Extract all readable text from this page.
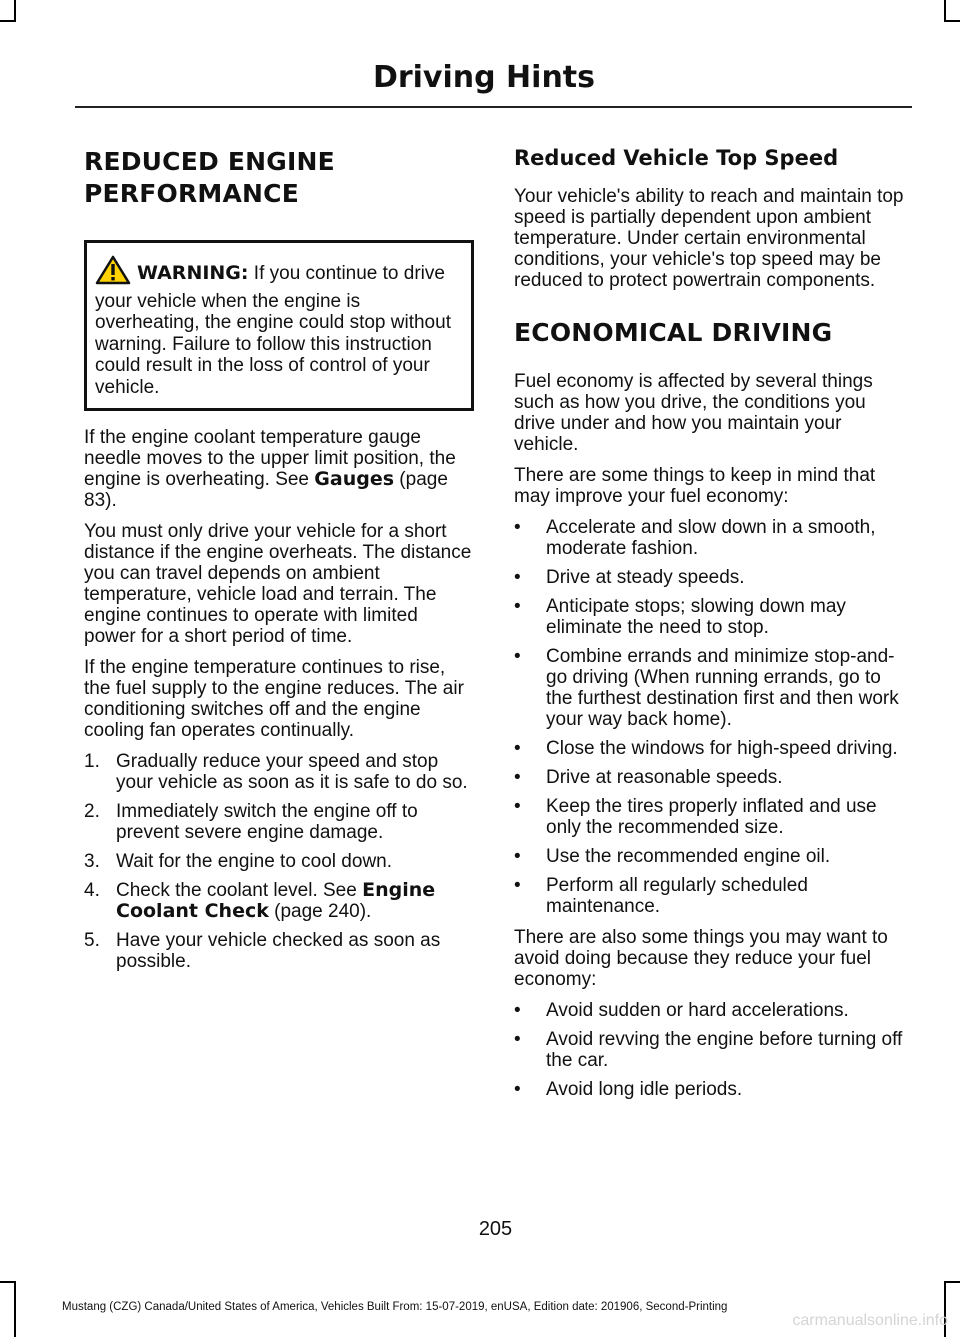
Driving Hints
REDUCED ENGINE PERFORMANCE
WARNING: If you continue to drive your vehicle when the engine is overheating, the engine could stop without warning. Failure to follow this instruction could result in the loss of control of your vehicle.

If the engine coolant temperature gauge needle moves to the upper limit position, the engine is overheating. See Gauges (page 83).

You must only drive your vehicle for a short distance if the engine overheats. The distance you can travel depends on ambient temperature, vehicle load and terrain. The engine continues to operate with limited power for a short period of time.

If the engine temperature continues to rise, the fuel supply to the engine reduces. The air conditioning switches off and the engine cooling fan operates continually.

1. Gradually reduce your speed and stop your vehicle as soon as it is safe to do so.
2. Immediately switch the engine off to prevent severe engine damage.
3. Wait for the engine to cool down.
4. Check the coolant level. See Engine Coolant Check (page 240).
5. Have your vehicle checked as soon as possible.
Reduced Vehicle Top Speed

Your vehicle's ability to reach and maintain top speed is partially dependent upon ambient temperature. Under certain environmental conditions, your vehicle's top speed may be reduced to protect powertrain components.

ECONOMICAL DRIVING

Fuel economy is affected by several things such as how you drive, the conditions you drive under and how you maintain your vehicle.

There are some things to keep in mind that may improve your fuel economy:

• Accelerate and slow down in a smooth, moderate fashion.
• Drive at steady speeds.
• Anticipate stops; slowing down may eliminate the need to stop.
• Combine errands and minimize stop-and-go driving (When running errands, go to the furthest destination first and then work your way back home).
• Close the windows for high-speed driving.
• Drive at reasonable speeds.
• Keep the tires properly inflated and use only the recommended size.
• Use the recommended engine oil.
• Perform all regularly scheduled maintenance.

There are also some things you may want to avoid doing because they reduce your fuel economy:

• Avoid sudden or hard accelerations.
• Avoid revving the engine before turning off the car.
• Avoid long idle periods.
205
Mustang (CZG) Canada/United States of America, Vehicles Built From: 15-07-2019, enUSA, Edition date: 201906, Second-Printing
carmanualsonline.info
